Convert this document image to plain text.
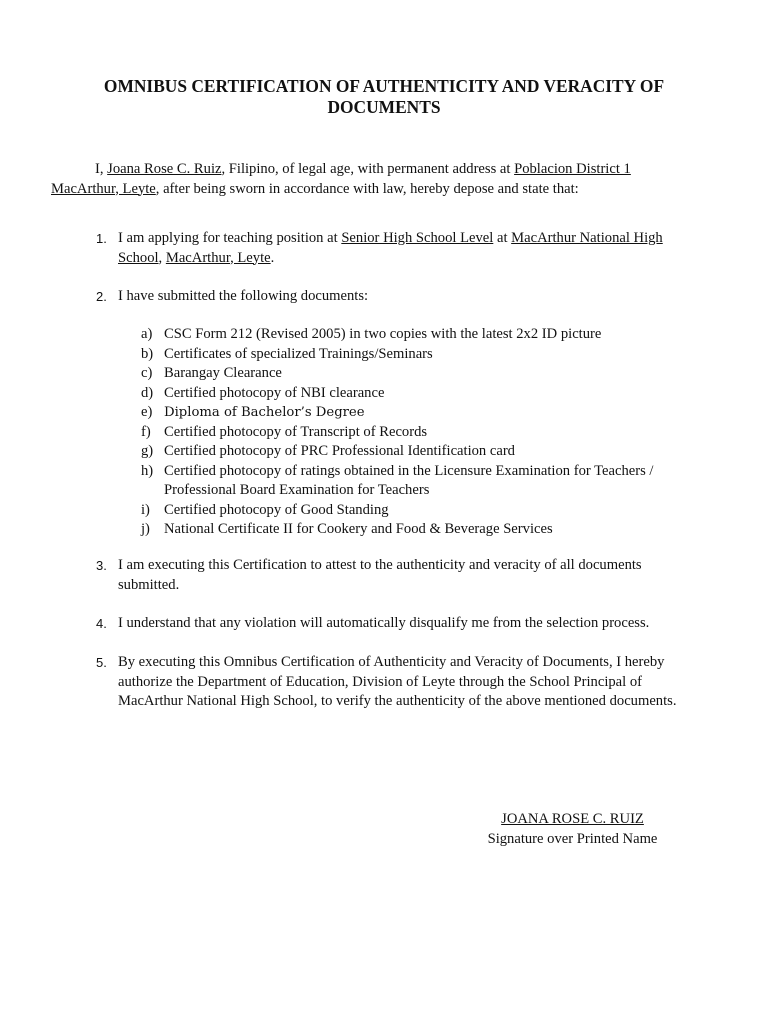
OMNIBUS CERTIFICATION OF AUTHENTICITY AND VERACITY OF
DOCUMENTS
I, Joana Rose C. Ruiz, Filipino, of legal age, with permanent address at Poblacion District 1
MacArthur, Leyte, after being sworn in accordance with law, hereby depose and state that:
1. I am applying for teaching position at Senior High School Level at MacArthur National High
School, MacArthur, Leyte.
2. I have submitted the following documents:
a) CSC Form 212 (Revised 2005) in two copies with the latest 2x2 ID picture
b) Certificates of specialized Trainings/Seminars
c) Barangay Clearance
d) Certified photocopy of NBI clearance
e) Diploma of Bachelor’s Degree
f) Certified photocopy of Transcript of Records
g) Certified photocopy of PRC Professional Identification card
h) Certified photocopy of ratings obtained in the Licensure Examination for Teachers / Professional Board Examination for Teachers
i) Certified photocopy of Good Standing
j) National Certificate II for Cookery and Food & Beverage Services
3. I am executing this Certification to attest to the authenticity and veracity of all documents submitted.
4. I understand that any violation will automatically disqualify me from the selection process.
5. By executing this Omnibus Certification of Authenticity and Veracity of Documents, I hereby authorize the Department of Education, Division of Leyte through the School Principal of MacArthur National High School, to verify the authenticity of the above mentioned documents.
JOANA ROSE C. RUIZ
Signature over Printed Name
